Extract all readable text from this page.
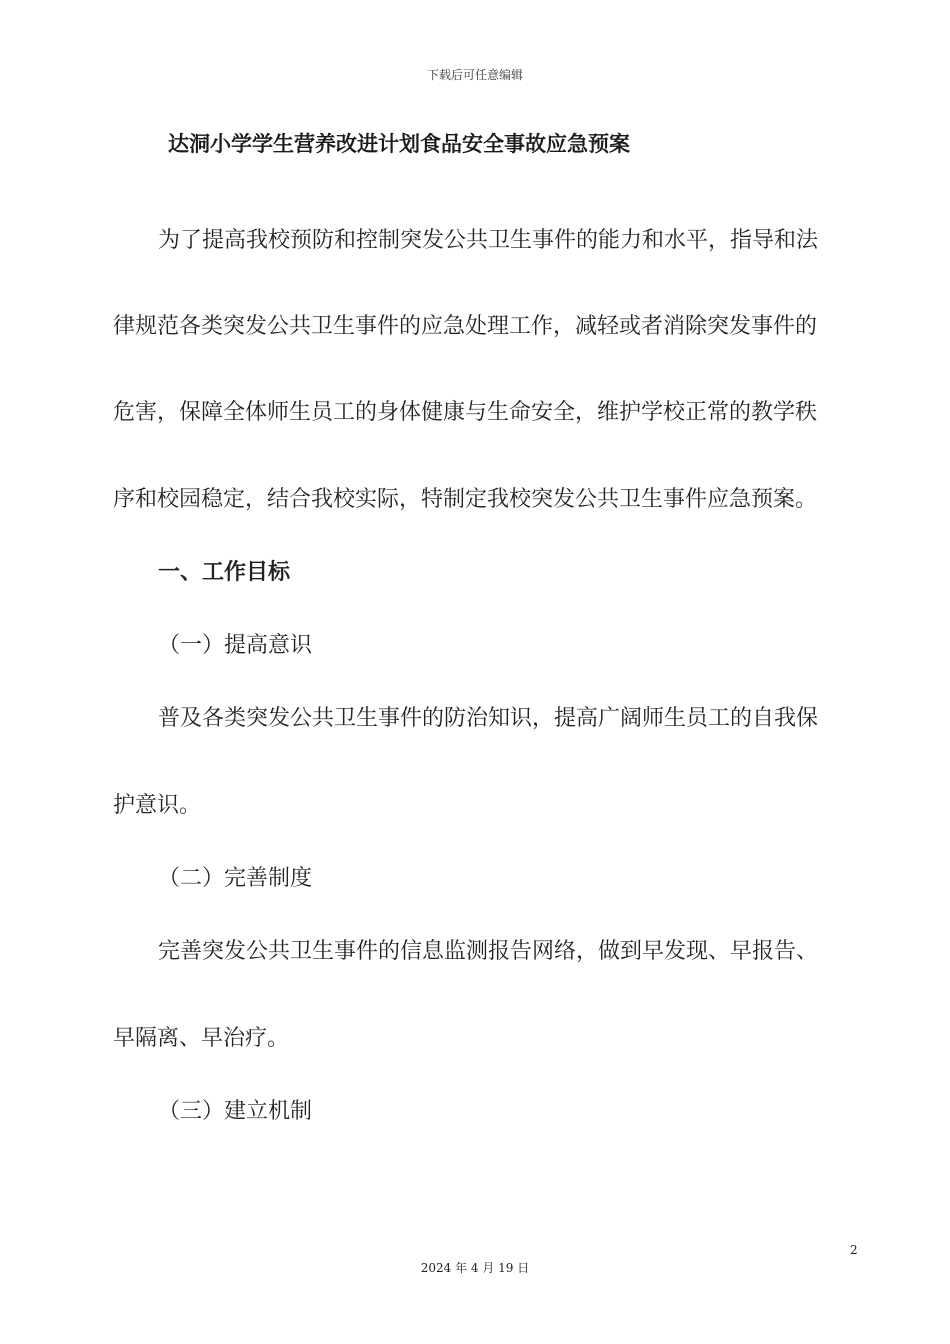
下载后可任意编辑
达洞小学学生营养改进计划食品安全事故应急预案
为了提高我校预防和控制突发公共卫生事件的能力和水平，指导和法
律规范各类突发公共卫生事件的应急处理工作，减轻或者消除突发事件的
危害，保障全体师生员工的身体健康与生命安全，维护学校正常的教学秩
序和校园稳定，结合我校实际，特制定我校突发公共卫生事件应急预案。
一、工作目标
（一）提高意识
普及各类突发公共卫生事件的防治知识，提高广阔师生员工的自我保
护意识。
（二）完善制度
完善突发公共卫生事件的信息监测报告网络，做到早发现、早报告、
早隔离、早治疗。
（三）建立机制
2
2024 年 4 月 19 日
